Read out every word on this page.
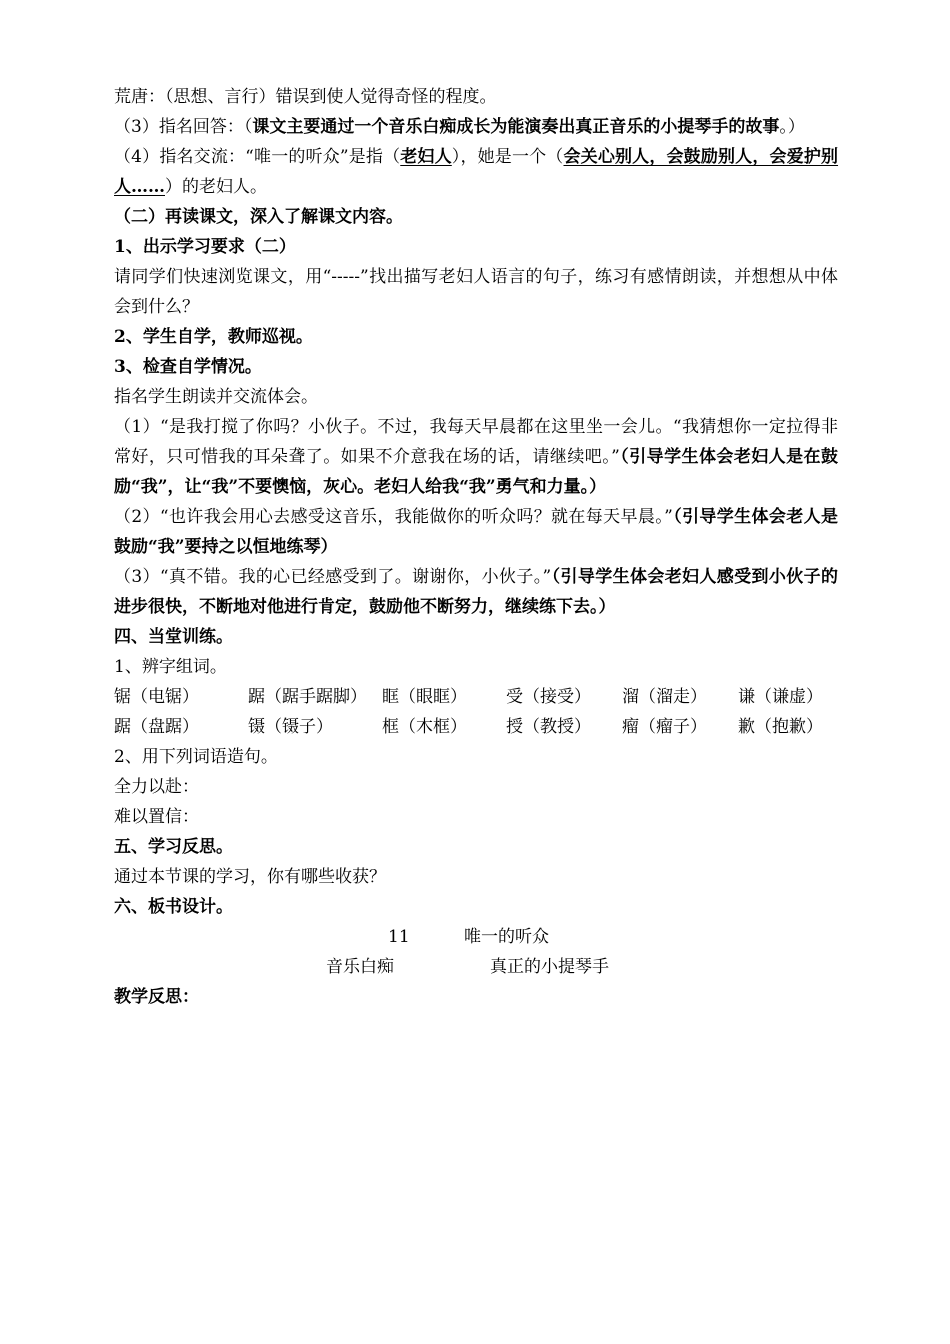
荒唐：（思想、言行）错误到使人觉得奇怪的程度。
（3）指名回答：（课文主要通过一个音乐白痴成长为能演奏出真正音乐的小提琴手的故事。）
（4）指名交流：“唯一的听众”是指（老妇人），她是一个（会关心别人，会鼓励别人，会爱护别人……）的老妇人。
（二）再读课文，深入了解课文内容。
1、出示学习要求（二）
请同学们快速浏览课文，用“-----”找出描写老妇人语言的句子，练习有感情朗读，并想想从中体会到什么？
2、学生自学，教师巡视。
3、检查自学情况。
指名学生朗读并交流体会。
（1）“是我打搅了你吗？小伙子。不过，我每天早晨都在这里坐一会儿。“我猜想你一定拉得非常好，只可惜我的耳朵聋了。如果不介意我在场的话，请继续吧。”（引导学生体会老妇人是在鼓励“我”，让“我”不要懊恼，灰心。老妇人给我“我”勇气和力量。）
（2）“也许我会用心去感受这音乐，我能做你的听众吗？就在每天早晨。”（引导学生体会老人是鼓励“我”要持之以恒地练琴）
（3）“真不错。我的心已经感受到了。谢谢你，小伙子。”（引导学生体会老妇人感受到小伙子的进步很快，不断地对他进行肯定，鼓励他不断努力，继续练下去。）
四、当堂训练。
1、辨字组词。
锯（电锯）	踞（踞手踞脚） 眶（眼眶）	受（接受）	溜（溜走）	谦（谦虚）
踞（盘踞）	镊（镊子）	框（木框）	授（教授）	瘤（瘤子）	歉（抱歉）
2、用下列词语造句。
全力以赴：
难以置信：
五、学习反思。
通过本节课的学习，你有哪些收获？
六、板书设计。
11	唯一的听众
音乐白痴	真正的小提琴手
教学反思：
